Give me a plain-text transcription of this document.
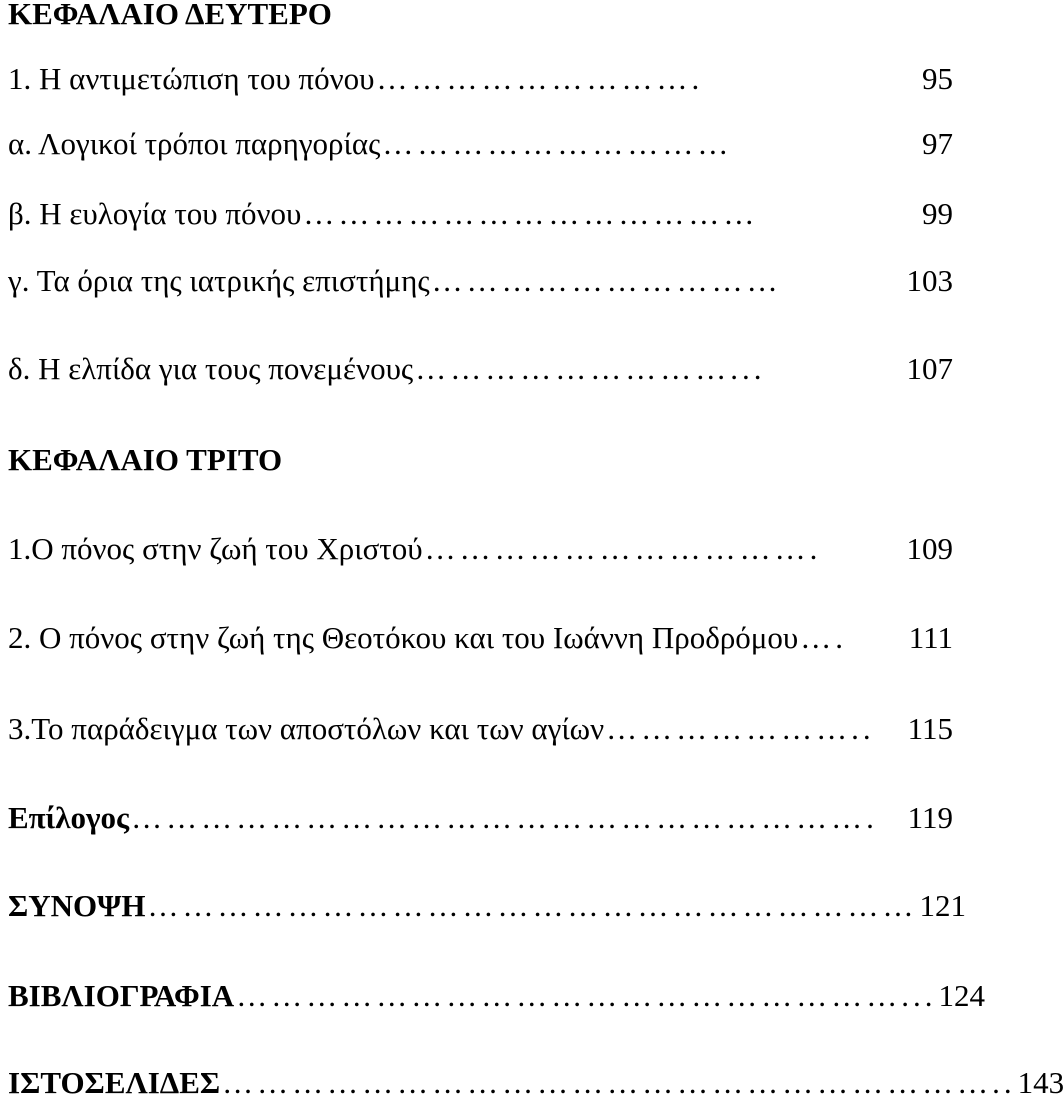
ΚΕΦΑΛΑΙΟ ΔΕΥΤΕΡΟ
1. Η αντιμετώπιση του πόνου ……………………….	95
α. Λογικοί τρόποι παρηγορίας …………………………	97
β. Η ευλογία του πόνου …………………………………	99
γ. Τα όρια της ιατρικής επιστήμης …………………………	103
δ. Η ελπίδα για τους πονεμένους ………………………...	107
ΚΕΦΑΛΑΙΟ ΤΡΙΤΟ
1.Ο πόνος στην ζωή του Χριστού …………………………….	109
2. Ο πόνος στην ζωή της Θεοτόκου και του Ιωάννη Προδρόμου ….	111
3.Το παράδειγμα των αποστόλων και των αγίων …………………..	115
Επίλογος ………………………………………………………. 119
ΣΥΝΟΨΗ ………………………………………………………… 121
ΒΙΒΛΙΟΓΡΑΦΙΑ …………………………………………………... 124
ΙΣΤΟΣΕΛΙΔΕΣ ………………………………………………………….. 143
